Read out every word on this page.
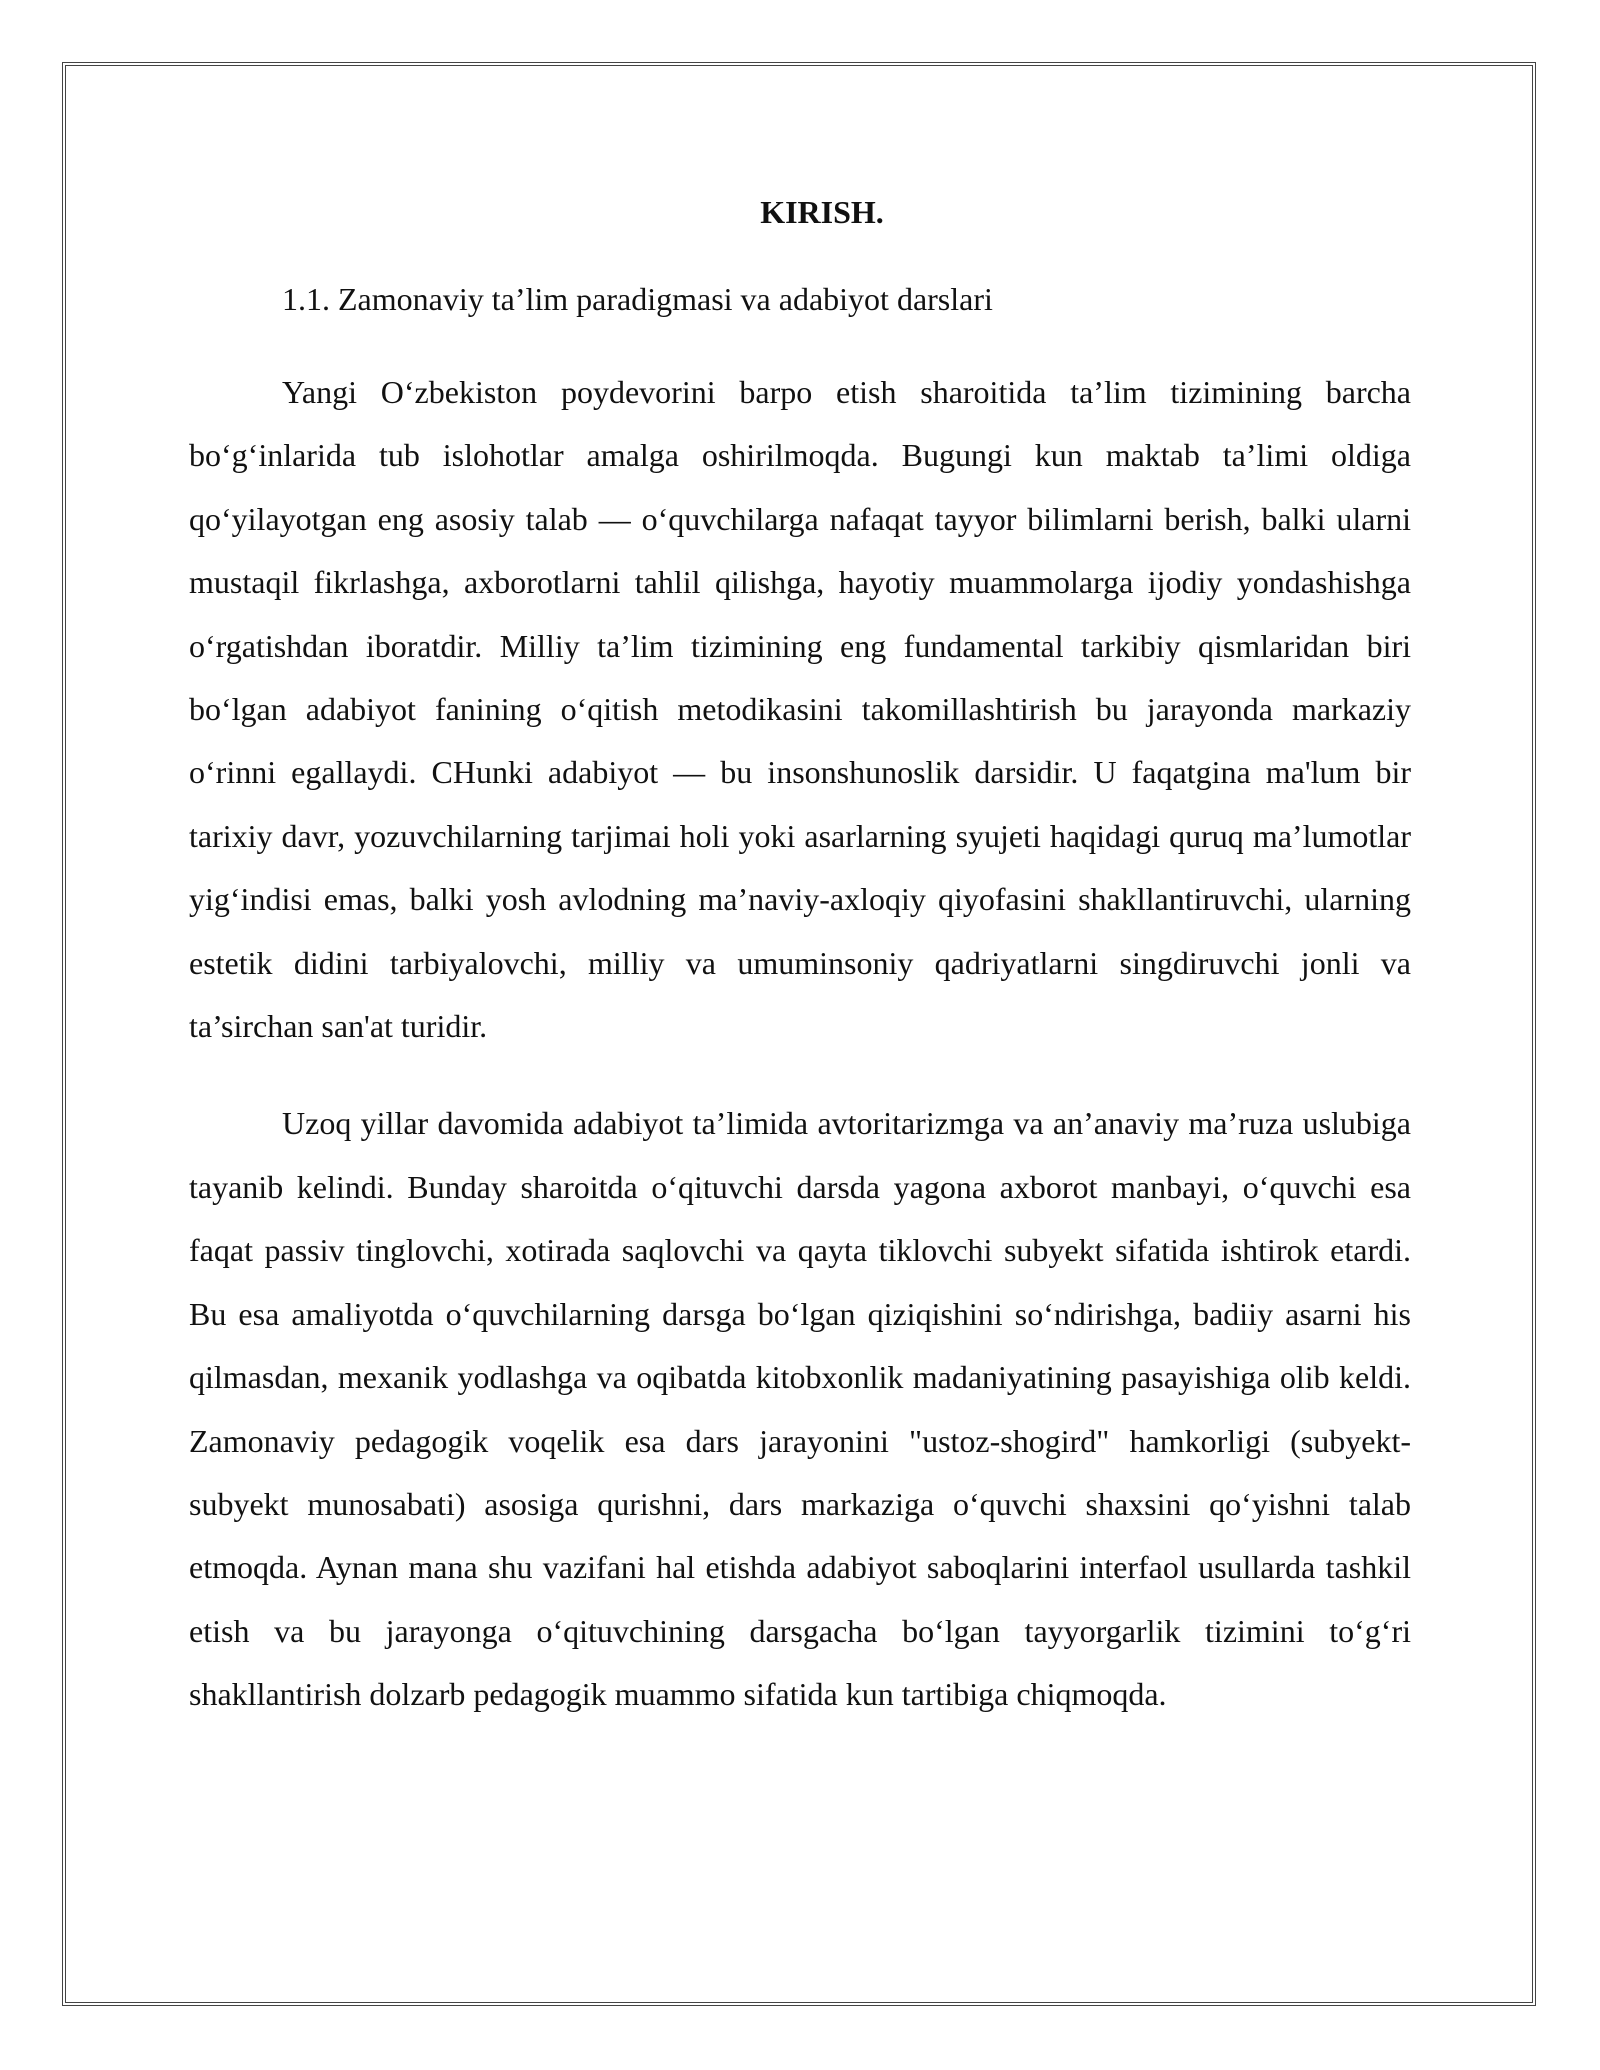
KIRISH.

1.1. Zamonaviy ta’lim paradigmasi va adabiyot darslari

Yangi O‘zbekiston poydevorini barpo etish sharoitida ta’lim tizimining barcha bo‘g‘inlarida tub islohotlar amalga oshirilmoqda. Bugungi kun maktab ta’limi oldiga qo‘yilayotgan eng asosiy talab — o‘quvchilarga nafaqat tayyor bilimlarni berish, balki ularni mustaqil fikrlashga, axborotlarni tahlil qilishga, hayotiy muammolarga ijodiy yondashishga o‘rgatishdan iboratdir. Milliy ta’lim tizimining eng fundamental tarkibiy qismlaridan biri bo‘lgan adabiyot fanining o‘qitish metodikasini takomillashtirish bu jarayonda markaziy o‘rinni egallaydi. CHunki adabiyot — bu insonshunoslik darsidir. U faqatgina ma'lum bir tarixiy davr, yozuvchilarning tarjimai holi yoki asarlarning syujeti haqidagi quruq ma’lumotlar yig‘indisi emas, balki yosh avlodning ma’naviy-axloqiy qiyofasini shakllantiruvchi, ularning estetik didini tarbiyalovchi, milliy va umuminsoniy qadriyatlarni singdiruvchi jonli va ta’sirchan san'at turidir.

Uzoq yillar davomida adabiyot ta’limida avtoritarizmga va an’anaviy ma’ruza uslubiga tayanib kelindi. Bunday sharoitda o‘qituvchi darsda yagona axborot manbayi, o‘quvchi esa faqat passiv tinglovchi, xotirada saqlovchi va qayta tiklovchi subyekt sifatida ishtirok etardi. Bu esa amaliyotda o‘quvchilarning darsga bo‘lgan qiziqishini so‘ndirishga, badiiy asarni his qilmasdan, mexanik yodlashga va oqibatda kitobxonlik madaniyatining pasayishiga olib keldi. Zamonaviy pedagogik voqelik esa dars jarayonini "ustoz-shogird" hamkorligi (subyekt-subyekt munosabati) asosiga qurishni, dars markaziga o‘quvchi shaxsini qo‘yishni talab etmoqda. Aynan mana shu vazifani hal etishda adabiyot saboqlarini interfaol usullarda tashkil etish va bu jarayonga o‘qituvchining darsgacha bo‘lgan tayyorgarlik tizimini to‘g‘ri shakllantirish dolzarb pedagogik muammo sifatida kun tartibiga chiqmoqda.
